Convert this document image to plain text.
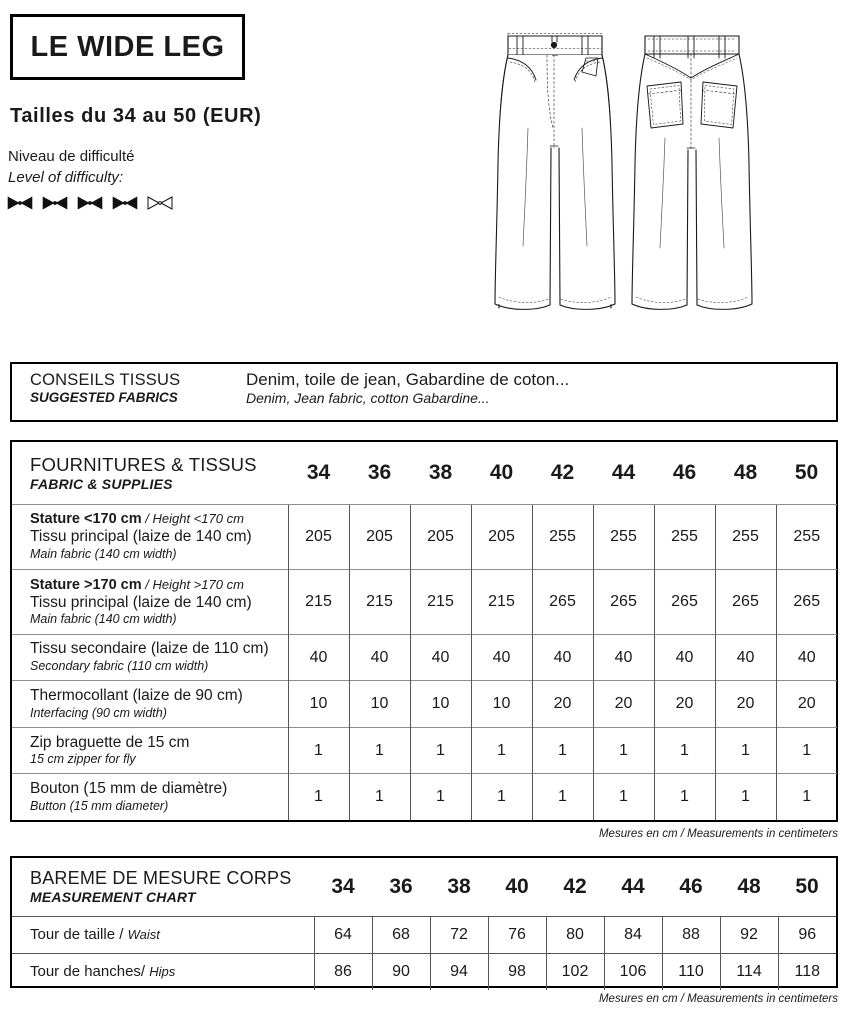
LE WIDE LEG
Tailles du 34 au 50 (EUR)
Niveau de difficulté
Level of difficulty:
CONSEILS TISSUS
SUGGESTED FABRICS

Denim, toile de jean, Gabardine de coton...
Denim, Jean fabric, cotton Gabardine...
FOURNITURES & TISSUS
FABRIC & SUPPLIES	34	36	38	40	42	44	46	48	50

Stature <170 cm / Height <170 cm
Tissu principal (laize de 140 cm)
Main fabric (140 cm width)	205	205	205	205	255	255	255	255	255

Stature >170 cm / Height >170 cm
Tissu principal (laize de 140 cm)
Main fabric (140 cm width)	215	215	215	215	265	265	265	265	265

Tissu secondaire (laize de 110 cm)
Secondary fabric (110 cm width)	40	40	40	40	40	40	40	40	40

Thermocollant (laize de 90 cm)
Interfacing (90 cm width)	10	10	10	10	20	20	20	20	20

Zip braguette de 15 cm
15 cm zipper for fly	1	1	1	1	1	1	1	1	1

Bouton (15 mm de diamètre)
Button (15 mm diameter)	1	1	1	1	1	1	1	1	1
Mesures en cm / Measurements in centimeters
BAREME DE MESURE CORPS
MEASUREMENT CHART	34	36	38	40	42	44	46	48	50
Tour de taille / Waist	64	68	72	76	80	84	88	92	96
Tour de hanches/ Hips	86	90	94	98	102	106	110	114	118
Mesures en cm / Measurements in centimeters
